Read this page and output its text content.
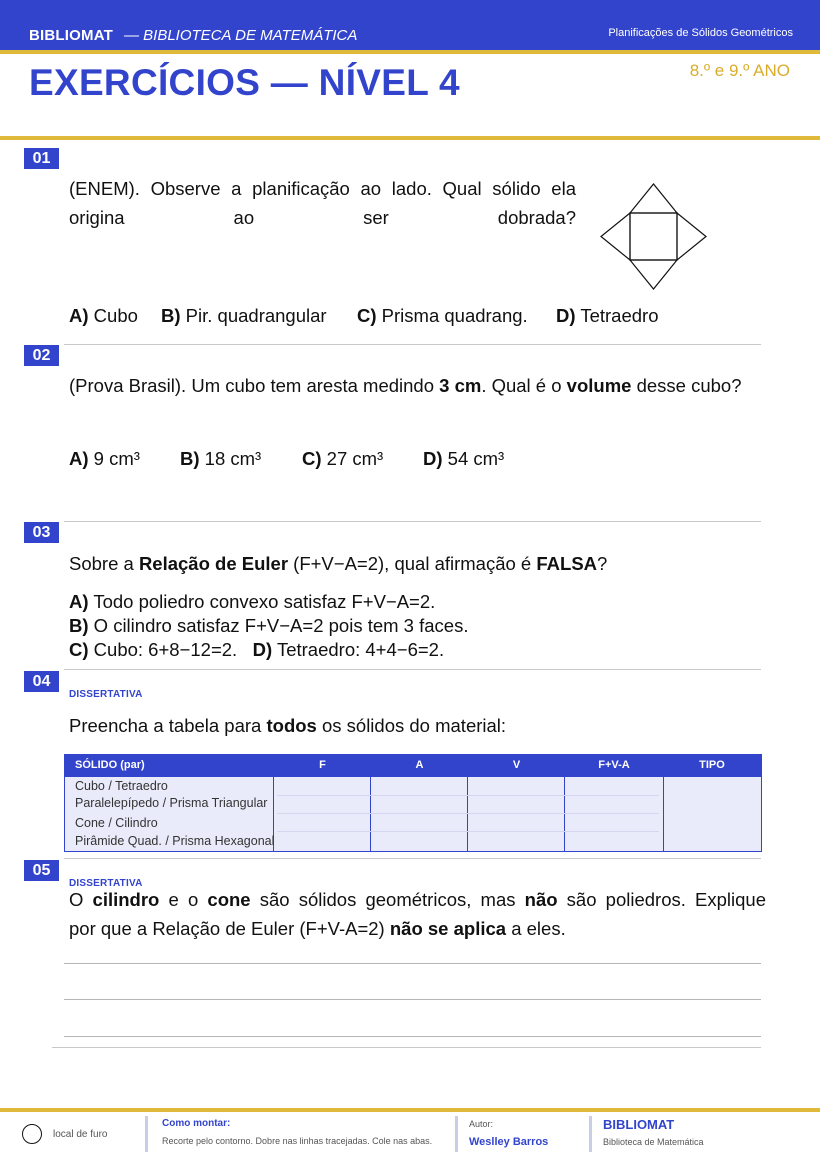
BIBLIOMAT — BIBLIOTECA DE MATEMÁTICA	Planificações de Sólidos Geométricos
EXERCÍCIOS — NÍVEL 4	8.º e 9.º ANO
01
(ENEM). Observe a planificação ao lado. Qual sólido ela origina ao ser dobrada?
A) Cubo B) Pir. quadrangular C) Prisma quadrang. D) Tetraedro
02
(Prova Brasil). Um cubo tem aresta medindo 3 cm. Qual é o volume desse cubo?
A) 9 cm³ B) 18 cm³ C) 27 cm³ D) 54 cm³
03
Sobre a Relação de Euler (F+V−A=2), qual afirmação é FALSA?
A) Todo poliedro convexo satisfaz F+V−A=2.
B) O cilindro satisfaz F+V−A=2 pois tem 3 faces.
C) Cubo: 6+8−12=2. D) Tetraedro: 4+4−6=2.
04
DISSERTATIVA
Preencha a tabela para todos os sólidos do material:
SÓLIDO (par)	F	A	V	F+V-A	TIPO
Cubo / Tetraedro
Paralelepípedo / Prisma Triangular
Cone / Cilindro
Pirâmide Quad. / Prisma Hexagonal
05
DISSERTATIVA
O cilindro e o cone são sólidos geométricos, mas não são poliedros. Explique
por que a Relação de Euler (F+V-A=2) não se aplica a eles.
local de furo
Como montar:
Recorte pelo contorno. Dobre nas linhas tracejadas. Cole nas abas.
Autor:
Weslley Barros
BIBLIOMAT
Biblioteca de Matemática
